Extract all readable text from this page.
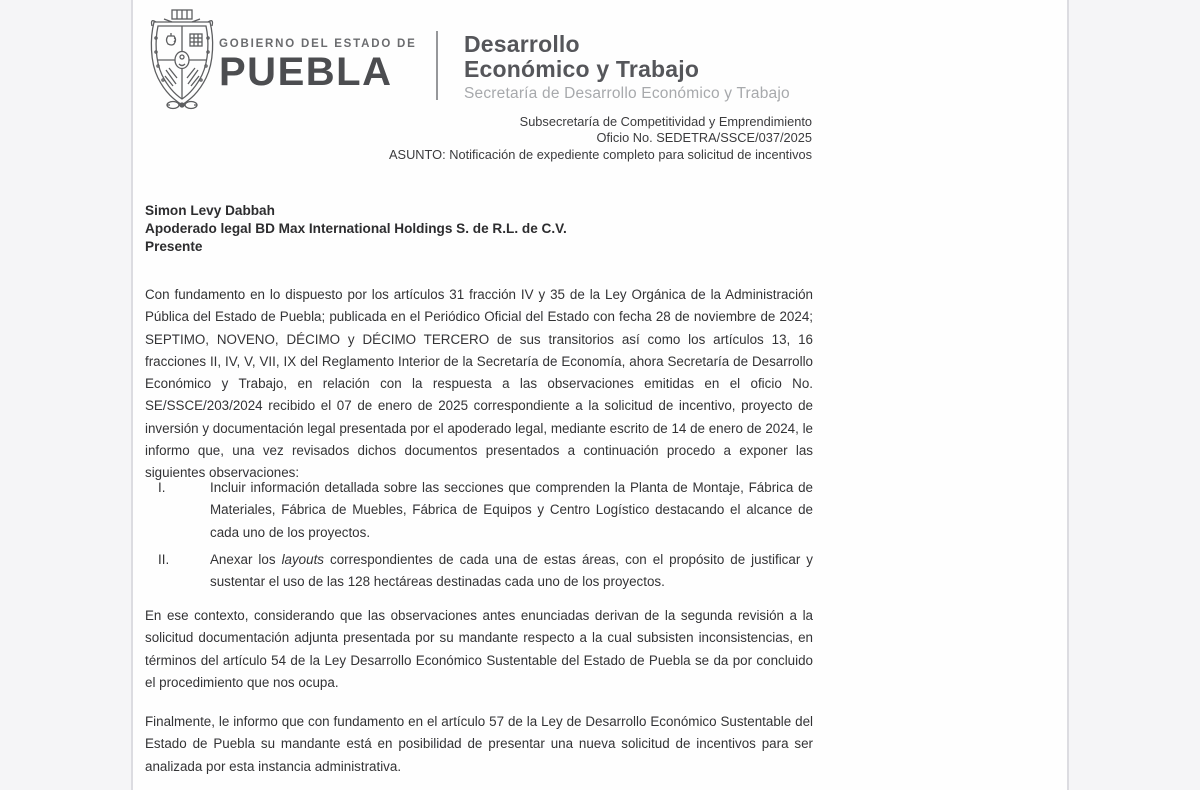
GOBIERNO DEL ESTADO DE
PUEBLA
Desarrollo
Económico y Trabajo
Secretaría de Desarrollo Económico y Trabajo
Subsecretaría de Competitividad y Emprendimiento
Oficio No. SEDETRA/SSCE/037/2025
ASUNTO: Notificación de expediente completo para solicitud de incentivos
Simon Levy Dabbah
Apoderado legal BD Max International Holdings S. de R.L. de C.V.
Presente
Con fundamento en lo dispuesto por los artículos 31 fracción IV y 35 de la Ley Orgánica de la Administración Pública del Estado de Puebla; publicada en el Periódico Oficial del Estado con fecha 28 de noviembre de 2024; SEPTIMO, NOVENO, DÉCIMO y DÉCIMO TERCERO de sus transitorios así como los artículos 13, 16 fracciones II, IV, V, VII, IX del Reglamento Interior de la Secretaría de Economía, ahora Secretaría de Desarrollo Económico y Trabajo, en relación con la respuesta a las observaciones emitidas en el oficio No. SE/SSCE/203/2024 recibido el 07 de enero de 2025 correspondiente a la solicitud de incentivo, proyecto de inversión y documentación legal presentada por el apoderado legal, mediante escrito de 14 de enero de 2024, le informo que, una vez revisados dichos documentos presentados a continuación procedo a exponer las siguientes observaciones:
I.	Incluir información detallada sobre las secciones que comprenden la Planta de Montaje, Fábrica de Materiales, Fábrica de Muebles, Fábrica de Equipos y Centro Logístico destacando el alcance de cada uno de los proyectos.
II.	Anexar los layouts correspondientes de cada una de estas áreas, con el propósito de justificar y sustentar el uso de las 128 hectáreas destinadas cada uno de los proyectos.
En ese contexto, considerando que las observaciones antes enunciadas derivan de la segunda revisión a la solicitud documentación adjunta presentada por su mandante respecto a la cual subsisten inconsistencias, en términos del artículo 54 de la Ley Desarrollo Económico Sustentable del Estado de Puebla se da por concluido el procedimiento que nos ocupa.
Finalmente, le informo que con fundamento en el artículo 57 de la Ley de Desarrollo Económico Sustentable del Estado de Puebla su mandante está en posibilidad de presentar una nueva solicitud de incentivos para ser analizada por esta instancia administrativa.
